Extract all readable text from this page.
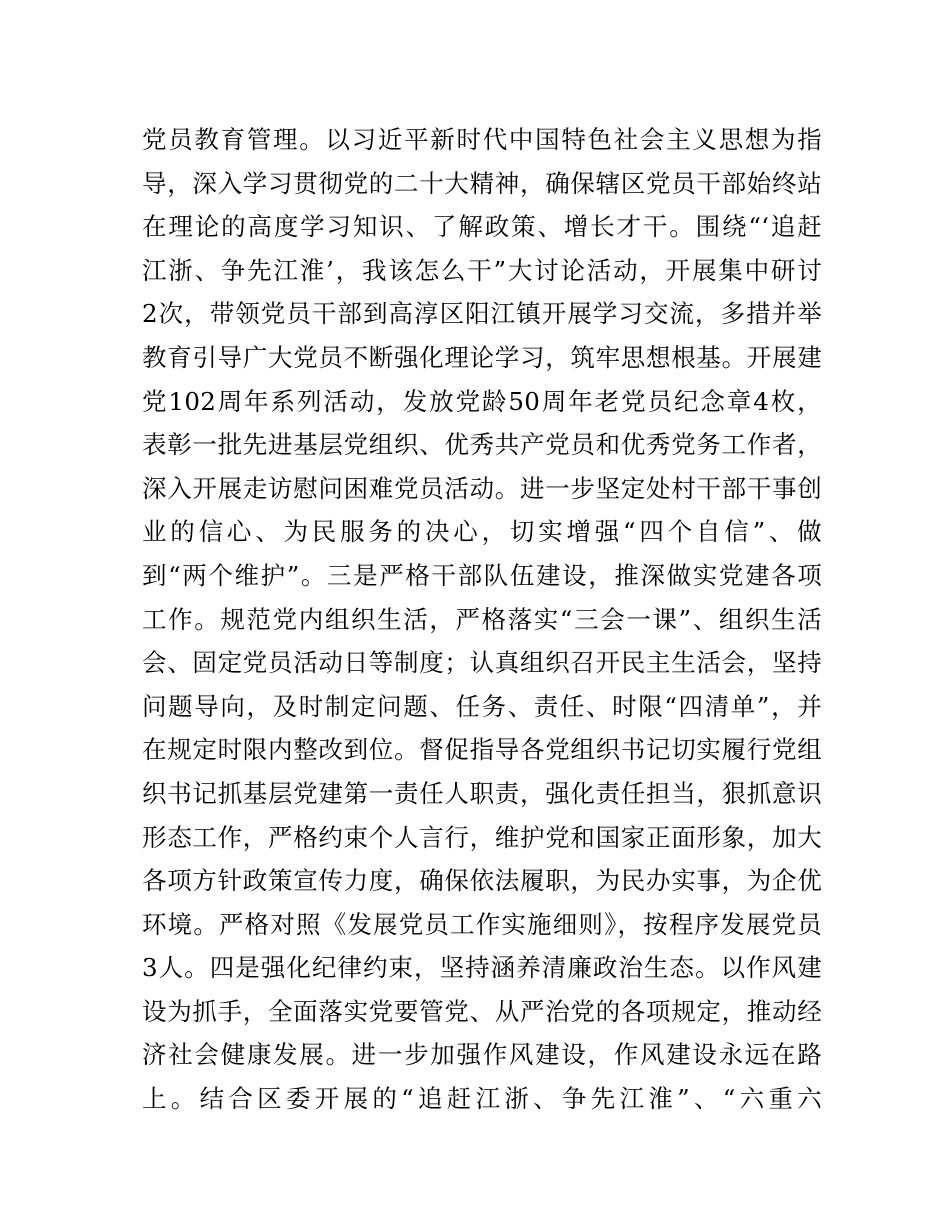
党员教育管理。以习近平新时代中国特色社会主义思想为指
导，深入学习贯彻党的二十大精神，确保辖区党员干部始终站
在理论的高度学习知识、了解政策、增长才干。围绕“‘追赶
江浙、争先江淮’，我该怎么干”大讨论活动，开展集中研讨
2次，带领党员干部到高淳区阳江镇开展学习交流，多措并举
教育引导广大党员不断强化理论学习，筑牢思想根基。开展建
党102周年系列活动，发放党龄50周年老党员纪念章4枚，
表彰一批先进基层党组织、优秀共产党员和优秀党务工作者，
深入开展走访慰问困难党员活动。进一步坚定处村干部干事创
业的信心、为民服务的决心，切实增强“四个自信”、做
到“两个维护”。三是严格干部队伍建设，推深做实党建各项
工作。规范党内组织生活，严格落实“三会一课”、组织生活
会、固定党员活动日等制度；认真组织召开民主生活会，坚持
问题导向，及时制定问题、任务、责任、时限“四清单”，并
在规定时限内整改到位。督促指导各党组织书记切实履行党组
织书记抓基层党建第一责任人职责，强化责任担当，狠抓意识
形态工作，严格约束个人言行，维护党和国家正面形象，加大
各项方针政策宣传力度，确保依法履职，为民办实事，为企优
环境。严格对照《发展党员工作实施细则》，按程序发展党员
3人。四是强化纪律约束，坚持涵养清廉政治生态。以作风建
设为抓手，全面落实党要管党、从严治党的各项规定，推动经
济社会健康发展。进一步加强作风建设，作风建设永远在路
上。结合区委开展的“追赶江浙、争先江淮”、“六重六
